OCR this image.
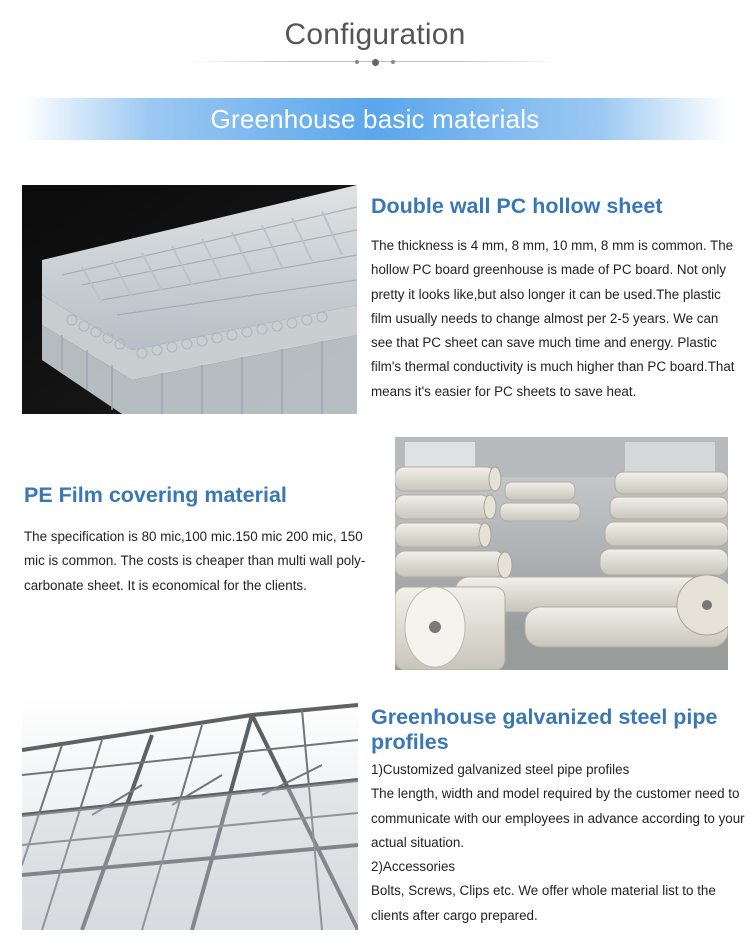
Configuration
Greenhouse basic materials
Double wall PC hollow sheet

The thickness is 4 mm, 8 mm, 10 mm, 8 mm is common. The hollow PC board greenhouse is made of PC board. Not only pretty it looks like,but also longer it can be used.The plastic film usually needs to change almost per 2-5 years. We can see that PC sheet can save much time and energy. Plastic film's thermal conductivity is much higher than PC board.That means it's easier for PC sheets to save heat.

PE Film covering material

The specification is 80 mic,100 mic.150 mic 200 mic, 150 mic is common. The costs is cheaper than multi wall poly-carbonate sheet. It is economical for the clients.

Greenhouse galvanized steel pipe profiles

1)Customized galvanized steel pipe profiles

The length, width and model required by the customer need to communicate with our employees in advance according to your actual situation.

2)Accessories

Bolts, Screws, Clips etc. We offer whole material list to the clients after cargo prepared.
